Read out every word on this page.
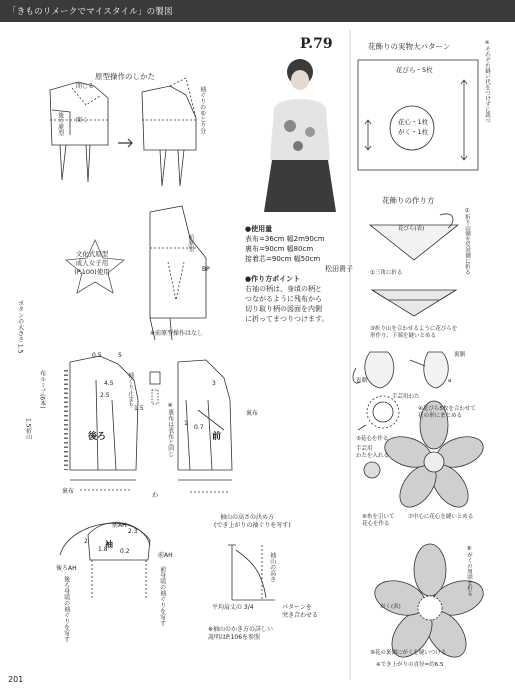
「きものリメークでマイスタイル」の製図
P.79
原型操作のしかた
閉じる
開く
後ろ原型	袖ぐりのゆとり分
前原型
BP
文化式原型
成人女子用
(P.100)使用
※前原型操作はなし
ボタンの大きさ 1.5
布ループ(6本)
1.5折山	後ろ	前
袖ぐり止まり
裏布
※裏布は表布と同じ
わ
裏布
前AH
袖
後ろAH
前AH
後ろ身頃の袖ぐりを写す	前身頃の袖ぐりを写す
袖山の高さの決め方
(でき上がりの袖ぐりを写す)
袖山の高さ
平均肩丈の 3/4	パターンを
突き合わせる
※袖山のかき方の詳しい
説明はP.106を参照
0.5
1.5
2.5
4.5
5
1
3
0.7
1.8
2
2.3
0.2
●使用量
表布=36cm 幅2m90cm
裏布=90cm 幅80cm
接着芯=90cm 幅50cm
松田貴子
●作り方ポイント
右袖の柄は、身頃の柄と
つながるように残布から
切り取り柄の図面を内側
に折ってまつりつけます。
花飾りの実物大パターン	※それぞれ縫い代をつけずに裁つ
花びら・5枚
花心・1枚
がく・1枚
花飾りの作り方
花びら(表)
①三角に折る	②折り山側を反対側に折る
③折り山を合わせるように花びらを
形作り、下端を縫いとめる
表側
裏側
a
手芸用わた
④花びら5枚を合わせて
花の形にまとめる
⑤花心を作る
手芸用
わたを入れる
⑥糸を引いて
花心を作る
⑦中心に花心を縫いとめる
⑧がくの周囲を折る
がく(表)
⑨花の裏側にがくを縫いつける
※でき上がりの直径=約6.5
201
